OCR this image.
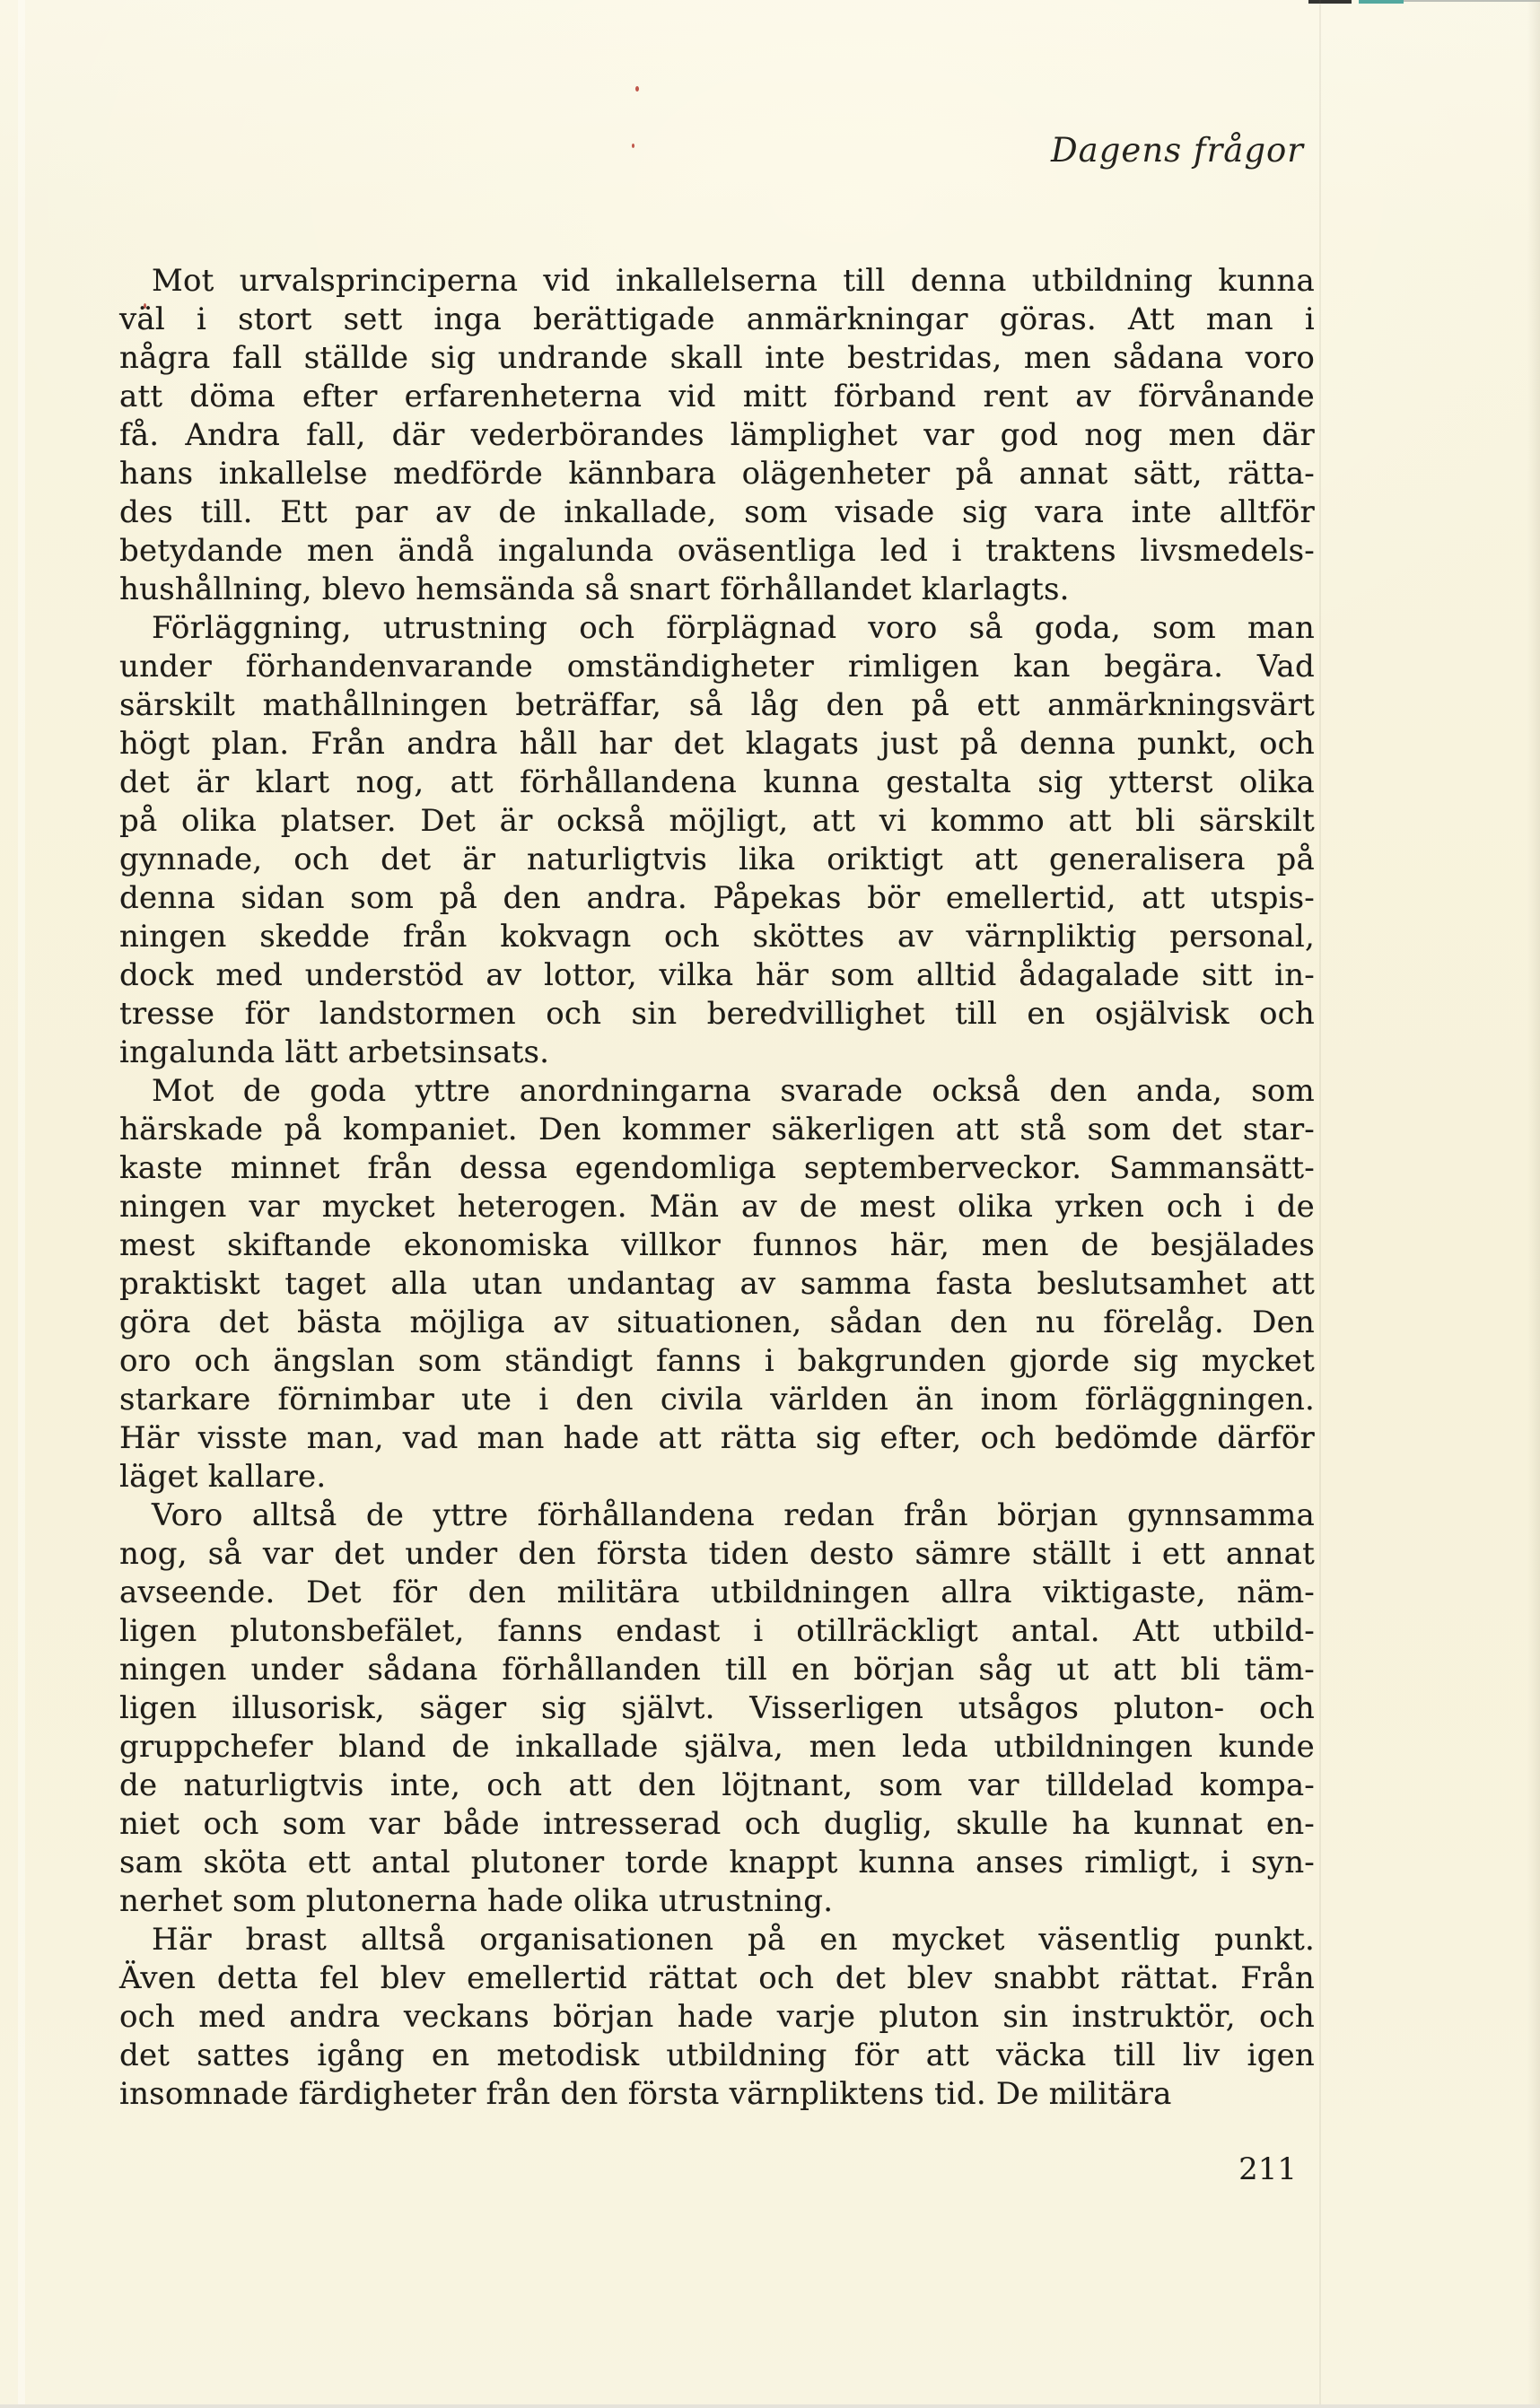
Dagens frågor
Mot urvalsprinciperna vid inkallelserna till denna utbildning kunna
väl i stort sett inga berättigade anmärkningar göras. Att man i
några fall ställde sig undrande skall inte bestridas, men sådana voro
att döma efter erfarenheterna vid mitt förband rent av förvånande
få. Andra fall, där vederbörandes lämplighet var god nog men där
hans inkallelse medförde kännbara olägenheter på annat sätt, rätta-
des till. Ett par av de inkallade, som visade sig vara inte alltför
betydande men ändå ingalunda oväsentliga led i traktens livsmedels-
hushållning, blevo hemsända så snart förhållandet klarlagts.
Förläggning, utrustning och förplägnad voro så goda, som man
under förhandenvarande omständigheter rimligen kan begära. Vad
särskilt mathållningen beträffar, så låg den på ett anmärkningsvärt
högt plan. Från andra håll har det klagats just på denna punkt, och
det är klart nog, att förhållandena kunna gestalta sig ytterst olika
på olika platser. Det är också möjligt, att vi kommo att bli särskilt
gynnade, och det är naturligtvis lika oriktigt att generalisera på
denna sidan som på den andra. Påpekas bör emellertid, att utspis-
ningen skedde från kokvagn och sköttes av värnpliktig personal,
dock med understöd av lottor, vilka här som alltid ådagalade sitt in-
tresse för landstormen och sin beredvillighet till en osjälvisk och
ingalunda lätt arbetsinsats.
Mot de goda yttre anordningarna svarade också den anda, som
härskade på kompaniet. Den kommer säkerligen att stå som det star-
kaste minnet från dessa egendomliga septemberveckor. Sammansätt-
ningen var mycket heterogen. Män av de mest olika yrken och i de
mest skiftande ekonomiska villkor funnos här, men de besjälades
praktiskt taget alla utan undantag av samma fasta beslutsamhet att
göra det bästa möjliga av situationen, sådan den nu förelåg. Den
oro och ängslan som ständigt fanns i bakgrunden gjorde sig mycket
starkare förnimbar ute i den civila världen än inom förläggningen.
Här visste man, vad man hade att rätta sig efter, och bedömde därför
läget kallare.
Voro alltså de yttre förhållandena redan från början gynnsamma
nog, så var det under den första tiden desto sämre ställt i ett annat
avseende. Det för den militära utbildningen allra viktigaste, näm-
ligen plutonsbefälet, fanns endast i otillräckligt antal. Att utbild-
ningen under sådana förhållanden till en början såg ut att bli täm-
ligen illusorisk, säger sig självt. Visserligen utsågos pluton- och
gruppchefer bland de inkallade själva, men leda utbildningen kunde
de naturligtvis inte, och att den löjtnant, som var tilldelad kompa-
niet och som var både intresserad och duglig, skulle ha kunnat en-
sam sköta ett antal plutoner torde knappt kunna anses rimligt, i syn-
nerhet som plutonerna hade olika utrustning.
Här brast alltså organisationen på en mycket väsentlig punkt.
Även detta fel blev emellertid rättat och det blev snabbt rättat. Från
och med andra veckans början hade varje pluton sin instruktör, och
det sattes igång en metodisk utbildning för att väcka till liv igen
insomnade färdigheter från den första värnpliktens tid. De militära
211
